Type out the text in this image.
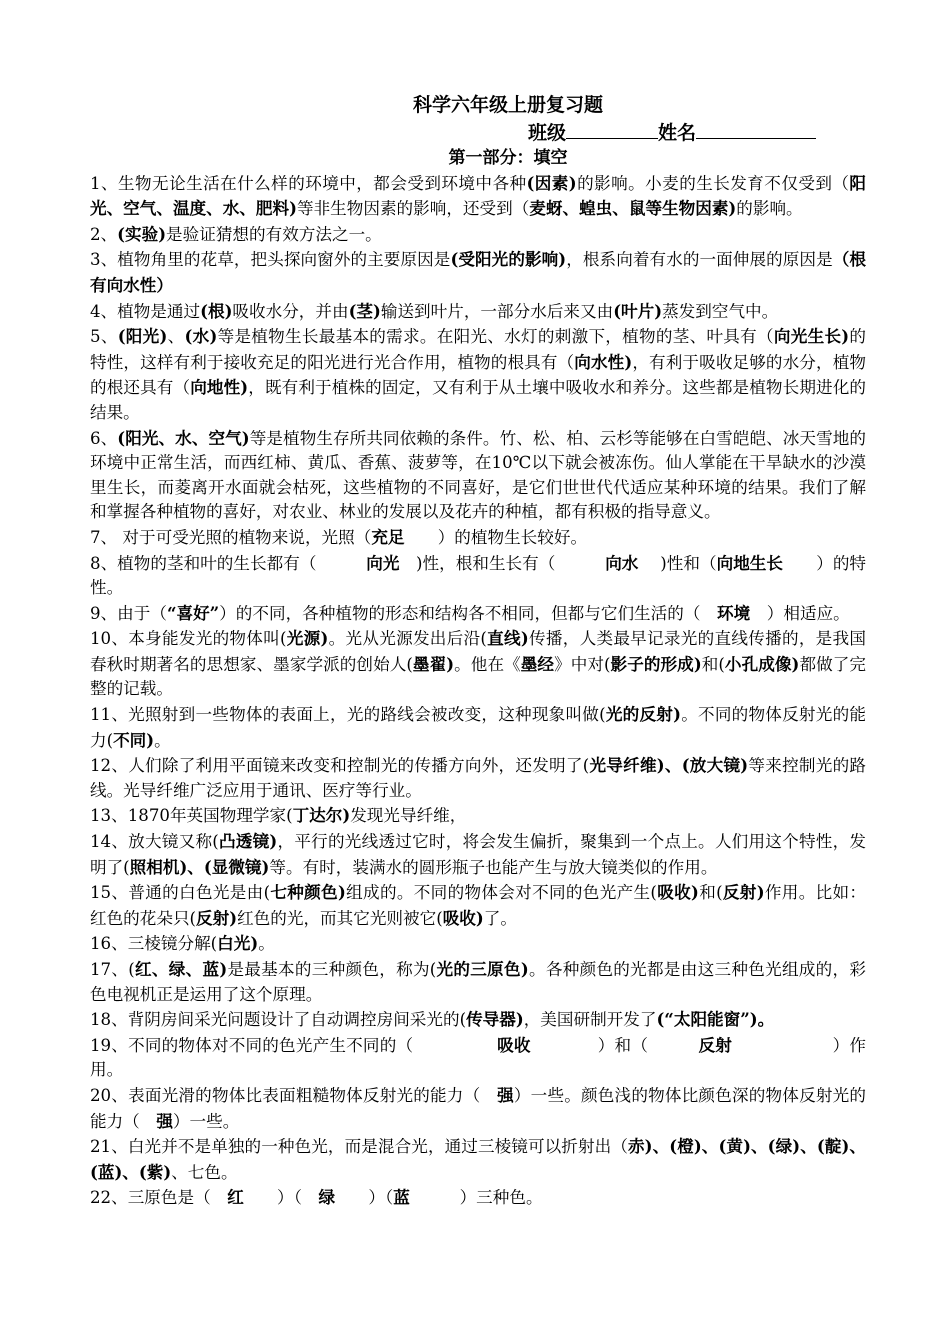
科学六年级上册复习题
班级	姓名
第一部分：填空

1、生物无论生活在什么样的环境中，都会受到环境中各种(因素)的影响。小麦的生长发育不仅受到（阳光、空气、温度、水、肥料)等非生物因素的影响，还受到（麦蚜、蝗虫、鼠等生物因素)的影响。

2、(实验)是验证猜想的有效方法之一。

3、植物角里的花草，把头探向窗外的主要原因是(受阳光的影响)，根系向着有水的一面伸展的原因是（根有向水性）

4、植物是通过(根)吸收水分，并由(茎)输送到叶片，一部分水后来又由(叶片)蒸发到空气中。

5、(阳光)、(水)等是植物生长最基本的需求。在阳光、水灯的刺激下，植物的茎、叶具有（向光生长)的特性，这样有利于接收充足的阳光进行光合作用，植物的根具有（向水性)，有利于吸收足够的水分，植物的根还具有（向地性)，既有利于植株的固定，又有利于从土壤中吸收水和养分。这些都是植物长期进化的结果。

6、(阳光、水、空气)等是植物生存所共同依赖的条件。竹、松、柏、云杉等能够在白雪皑皑、冰天雪地的环境中正常生活，而西红柿、黄瓜、香蕉、菠萝等，在10℃以下就会被冻伤。仙人掌能在干旱缺水的沙漠里生长，而菱离开水面就会枯死，这些植物的不同喜好，是它们世世代代适应某种环境的结果。我们了解和掌握各种植物的喜好，对农业、林业的发展以及花卉的种植，都有积极的指导意义。

7、 对于可受光照的植物来说，光照（充足　　）的植物生长较好。

8、植物的茎和叶的生长都有（　　　向光　)性，根和生长有（　　　向水　 )性和（向地生长　　）的特性。

9、由于（“喜好”）的不同，各种植物的形态和结构各不相同，但都与它们生活的（　环境　）相适应。

10、本身能发光的物体叫(光源)。光从光源发出后沿(直线)传播，人类最早记录光的直线传播的，是我国春秋时期著名的思想家、墨家学派的创始人(墨翟)。他在《墨经》中对(影子的形成)和(小孔成像)都做了完整的记载。

11、光照射到一些物体的表面上，光的路线会被改变，这种现象叫做(光的反射)。不同的物体反射光的能力(不同)。

12、人们除了利用平面镜来改变和控制光的传播方向外，还发明了(光导纤维)、(放大镜)等来控制光的路线。光导纤维广泛应用于通讯、医疗等行业。

13、1870年英国物理学家(丁达尔)发现光导纤维，

14、放大镜又称(凸透镜)，平行的光线透过它时，将会发生偏折，聚集到一个点上。人们用这个特性，发明了(照相机)、(显微镜)等。有时，装满水的圆形瓶子也能产生与放大镜类似的作用。

15、普通的白色光是由(七种颜色)组成的。不同的物体会对不同的色光产生(吸收)和(反射)作用。比如：红色的花朵只(反射)红色的光，而其它光则被它(吸收)了。

16、三棱镜分解(白光)。

17、(红、绿、蓝)是最基本的三种颜色，称为(光的三原色)。各种颜色的光都是由这三种色光组成的，彩色电视机正是运用了这个原理。

18、背阴房间采光问题设计了自动调控房间采光的(传导器)，美国研制开发了(“太阳能窗”)。

19、不同的物体对不同的色光产生不同的（　　　　　吸收　　　　）和（　　　反射　　　　　　）作用。

20、表面光滑的物体比表面粗糙物体反射光的能力（　强）一些。颜色浅的物体比颜色深的物体反射光的能力（　强）一些。

21、白光并不是单独的一种色光，而是混合光，通过三棱镜可以折射出（赤)、(橙)、(黄)、(绿)、(靛)、(蓝)、(紫)、七色。

22、三原色是（　红　　）（　绿　　）（蓝　　　）三种色。
